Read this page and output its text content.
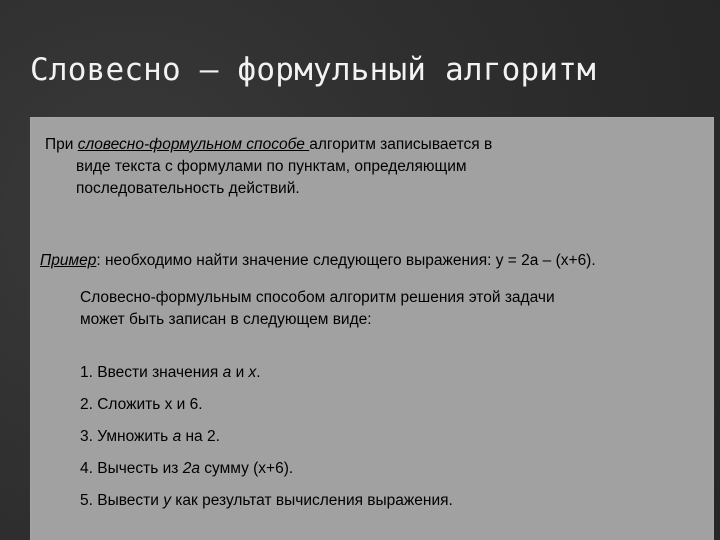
Словесно – формульный алгоритм
При словесно-формульном способе алгоритм записывается в
виде текста с формулами по пунктам, определяющим
последовательность действий.
Пример: необходимо найти значение следующего выражения: y = 2a – (x+6).
Словесно-формульным способом алгоритм решения этой задачи
может быть записан в следующем виде:
1. Ввести значения а и х.
2. Сложить х и 6.
3. Умножить a на 2.
4. Вычесть из 2a сумму (х+6).
5. Вывести y как результат вычисления выражения.
